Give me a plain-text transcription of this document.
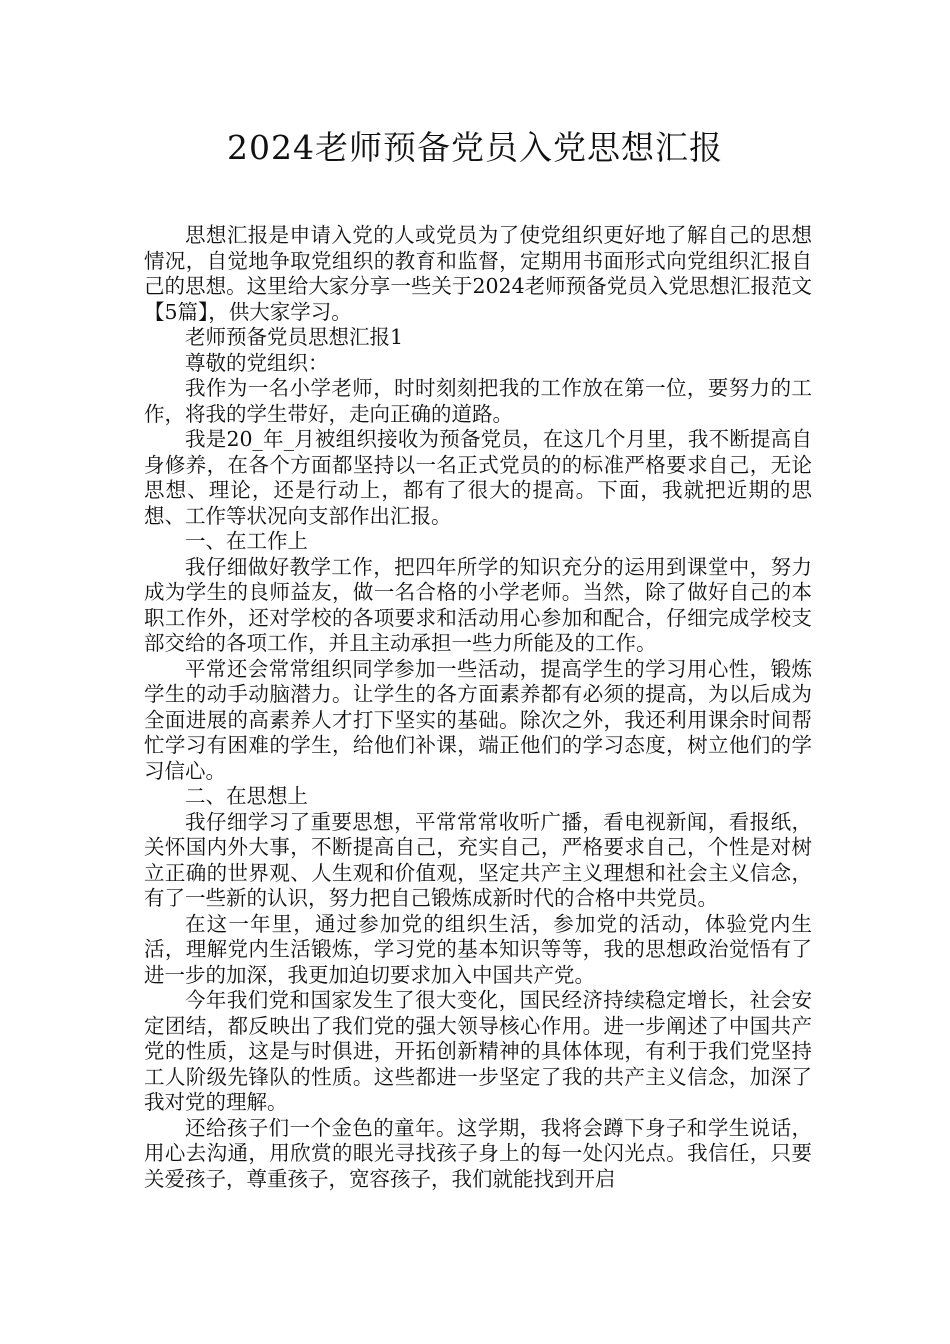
2024老师预备党员入党思想汇报

思想汇报是申请入党的人或党员为了使党组织更好地了解自己的思想情况，自觉地争取党组织的教育和监督，定期用书面形式向党组织汇报自己的思想。这里给大家分享一些关于2024老师预备党员入党思想汇报范文【5篇】，供大家学习。

老师预备党员思想汇报1

尊敬的党组织：

我作为一名小学老师，时时刻刻把我的工作放在第一位，要努力的工作，将我的学生带好，走向正确的道路。

我是20_年_月被组织接收为预备党员，在这几个月里，我不断提高自身修养，在各个方面都坚持以一名正式党员的的标准严格要求自己，无论思想、理论，还是行动上，都有了很大的提高。下面，我就把近期的思想、工作等状况向支部作出汇报。

一、在工作上

我仔细做好教学工作，把四年所学的知识充分的运用到课堂中，努力成为学生的良师益友，做一名合格的小学老师。当然，除了做好自己的本职工作外，还对学校的各项要求和活动用心参加和配合，仔细完成学校支部交给的各项工作，并且主动承担一些力所能及的工作。

平常还会常常组织同学参加一些活动，提高学生的学习用心性，锻炼学生的动手动脑潜力。让学生的各方面素养都有必须的提高，为以后成为全面进展的高素养人才打下坚实的基础。除次之外，我还利用课余时间帮忙学习有困难的学生，给他们补课，端正他们的学习态度，树立他们的学习信心。

二、在思想上

我仔细学习了重要思想，平常常常收听广播，看电视新闻，看报纸，关怀国内外大事，不断提高自己，充实自己，严格要求自己，个性是对树立正确的世界观、人生观和价值观，坚定共产主义理想和社会主义信念，有了一些新的认识，努力把自己锻炼成新时代的合格中共党员。

在这一年里，通过参加党的组织生活，参加党的活动，体验党内生活，理解党内生活锻炼，学习党的基本知识等等，我的思想政治觉悟有了进一步的加深，我更加迫切要求加入中国共产党。

今年我们党和国家发生了很大变化，国民经济持续稳定增长，社会安定团结，都反映出了我们党的强大领导核心作用。进一步阐述了中国共产党的性质，这是与时俱进，开拓创新精神的具体体现，有利于我们党坚持工人阶级先锋队的性质。这些都进一步坚定了我的共产主义信念，加深了我对党的理解。

还给孩子们一个金色的童年。这学期，我将会蹲下身子和学生说话，用心去沟通，用欣赏的眼光寻找孩子身上的每一处闪光点。我信任，只要关爱孩子，尊重孩子，宽容孩子，我们就能找到开启
